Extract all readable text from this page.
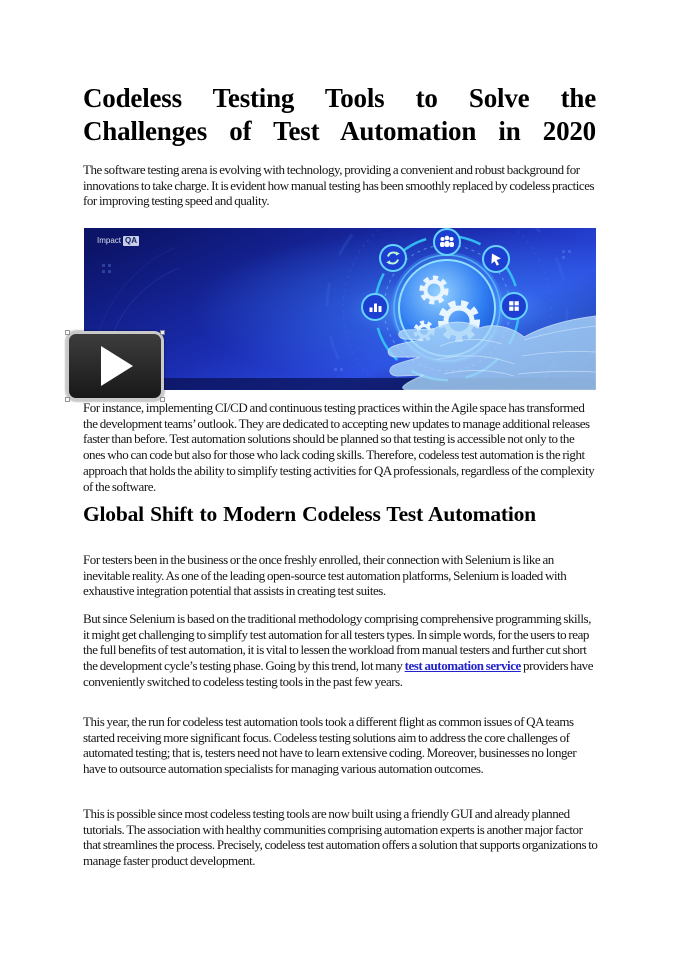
Codeless Testing Tools to Solve the
Challenges of Test Automation in 2020

The software testing arena is evolving with technology, providing a convenient and robust background for innovations to take charge. It is evident how manual testing has been smoothly replaced by codeless practices for improving testing speed and quality.

Impact QA

For instance, implementing CI/CD and continuous testing practices within the Agile space has transformed the development teams’ outlook. They are dedicated to accepting new updates to manage additional releases faster than before. Test automation solutions should be planned so that testing is accessible not only to the ones who can code but also for those who lack coding skills. Therefore, codeless test automation is the right approach that holds the ability to simplify testing activities for QA professionals, regardless of the complexity of the software.

Global Shift to Modern Codeless Test Automation

For testers been in the business or the once freshly enrolled, their connection with Selenium is like an inevitable reality. As one of the leading open-source test automation platforms, Selenium is loaded with exhaustive integration potential that assists in creating test suites.

But since Selenium is based on the traditional methodology comprising comprehensive programming skills, it might get challenging to simplify test automation for all testers types. In simple words, for the users to reap the full benefits of test automation, it is vital to lessen the workload from manual testers and further cut short the development cycle’s testing phase. Going by this trend, lot many test automation service providers have conveniently switched to codeless testing tools in the past few years.

This year, the run for codeless test automation tools took a different flight as common issues of QA teams started receiving more significant focus. Codeless testing solutions aim to address the core challenges of automated testing; that is, testers need not have to learn extensive coding. Moreover, businesses no longer have to outsource automation specialists for managing various automation outcomes.

This is possible since most codeless testing tools are now built using a friendly GUI and already planned tutorials. The association with healthy communities comprising automation experts is another major factor that streamlines the process. Precisely, codeless test automation offers a solution that supports organizations to manage faster product development.
